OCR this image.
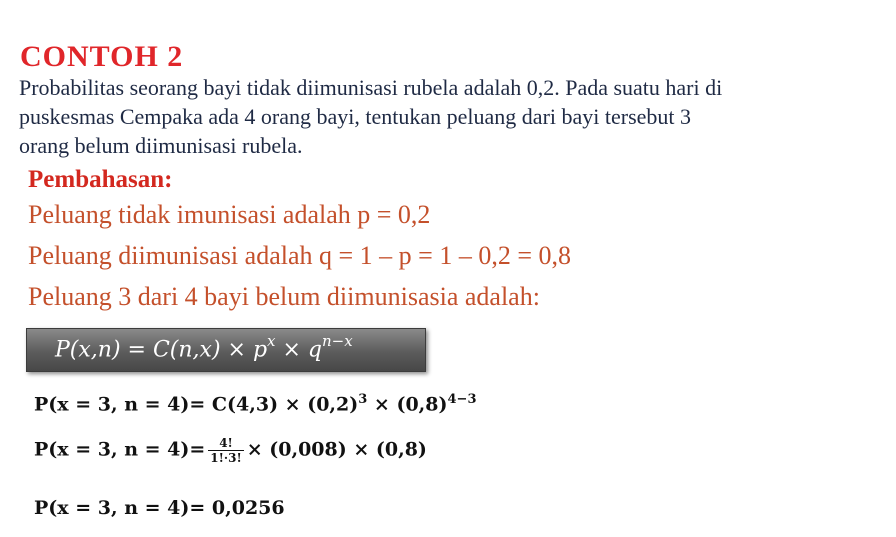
CONTOH 2
Probabilitas seorang bayi tidak diimunisasi rubela adalah 0,2. Pada suatu hari di
puskesmas Cempaka ada 4 orang bayi, tentukan peluang dari bayi tersebut 3
orang belum diimunisasi rubela.
Pembahasan:
Peluang tidak imunisasi adalah p = 0,2
Peluang diimunisasi adalah q = 1 – p = 1 – 0,2 = 0,8
Peluang 3 dari 4 bayi belum diimunisasia adalah:
$P(x,n) = C(n,x) \times p^x \times q^{n-x}$
P(x = 3, $n = 4)= C(4,3) \times (0,2)^3 \times (0,8)^{4-3}$
P(x = 3, $n = 4)= \frac{4!}{1!\cdot 3!} \times (0,008) \times (0,8)$
P(x = 3, n = 4)= 0,0256
